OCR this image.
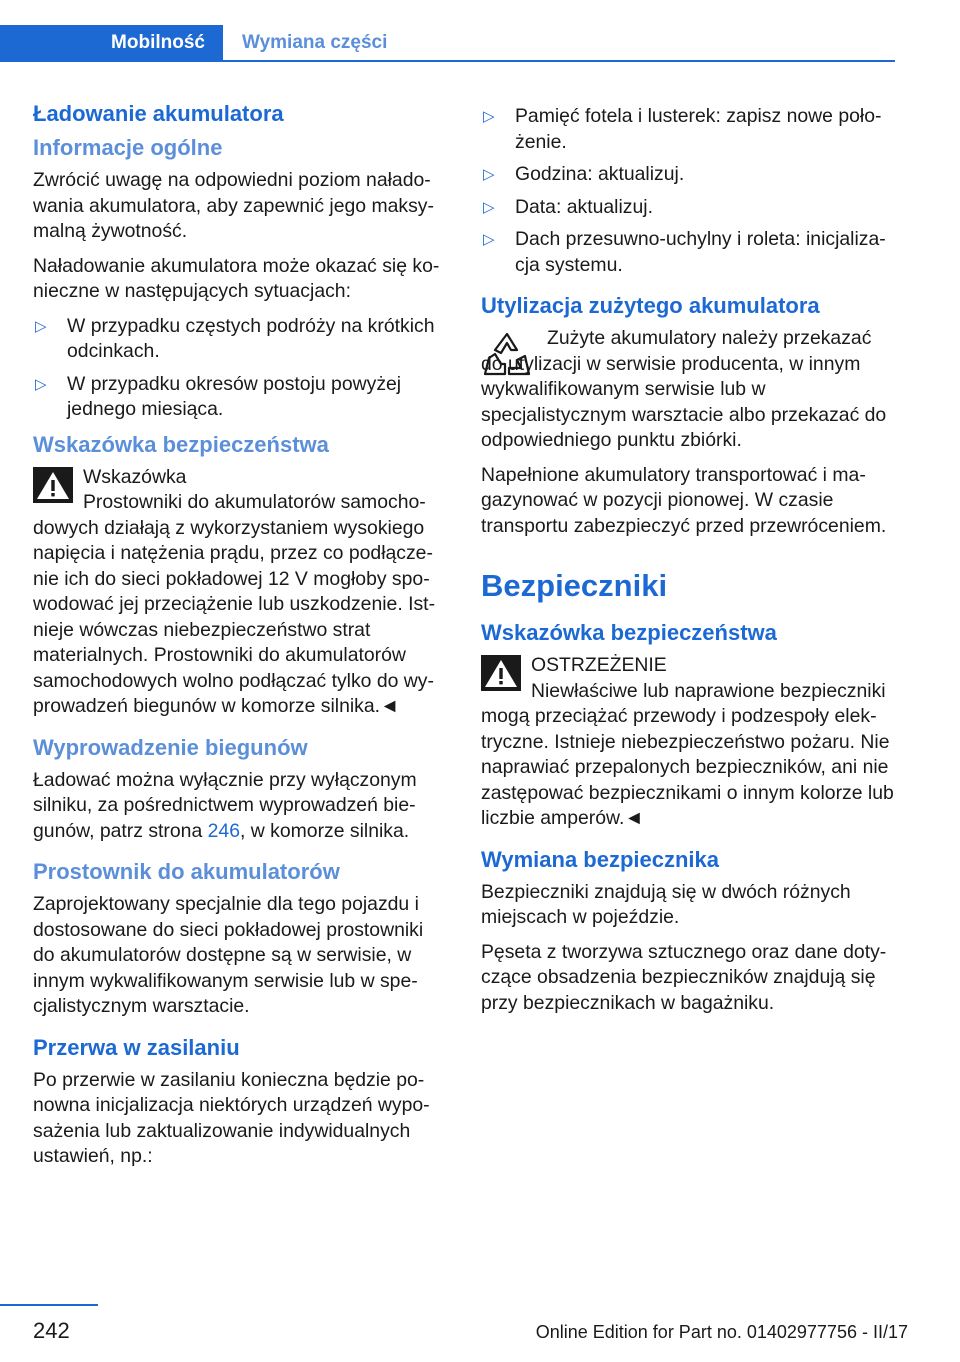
Mobilność	Wymiana części
Ładowanie akumulatora
Informacje ogólne

Zwrócić uwagę na odpowiedni poziom naładowania akumulatora, aby zapewnić jego maksymalną żywotność.

Naładowanie akumulatora może okazać się konieczne w następujących sytuacjach:

▷ W przypadku częstych podróży na krótkich odcinkach.
▷ W przypadku okresów postoju powyżej jednego miesiąca.
Wskazówka bezpieczeństwa
Wskazówka

Prostowniki do akumulatorów samochodowych działają z wykorzystaniem wysokiego napięcia i natężenia prądu, przez co podłączenie ich do sieci pokładowej 12 V mogłoby spowodować jej przeciążenie lub uszkodzenie. Istnieje wówczas niebezpieczeństwo strat materialnych. Prostowniki do akumulatorów samochodowych wolno podłączać tylko do wyprowadzeń biegunów w komorze silnika.◄

Wyprowadzenie biegunów

Ładować można wyłącznie przy wyłączonym silniku, za pośrednictwem wyprowadzeń biegunów, patrz strona 246, w komorze silnika.

Prostownik do akumulatorów

Zaprojektowany specjalnie dla tego pojazdu i dostosowane do sieci pokładowej prostowniki do akumulatorów dostępne są w serwisie, w innym wykwalifikowanym serwisie lub w specjalistycznym warsztacie.

Przerwa w zasilaniu

Po przerwie w zasilaniu konieczna będzie ponowna inicjalizacja niektórych urządzeń wyposażenia lub zaktualizowanie indywidualnych ustawień, np.:

▷ Pamięć fotela i lusterek: zapisz nowe położenie.
▷ Godzina: aktualizuj.
▷ Data: aktualizuj.
▷ Dach przesuwno-uchylny i roleta: inicjalizacja systemu.
Utylizacja zużytego akumulatora

Zużyte akumulatory należy przekazać do utylizacji w serwisie producenta, w innym wykwalifikowanym serwisie lub w specjalistycznym warsztacie albo przekazać do odpowiedniego punktu zbiórki.

Napełnione akumulatory transportować i magazynować w pozycji pionowej. W czasie transportu zabezpieczyć przed przewróceniem.

Bezpieczniki
Wskazówka bezpieczeństwa
OSTRZEŻENIE

Niewłaściwe lub naprawione bezpieczniki mogą przeciążać przewody i podzespoły elektryczne. Istnieje niebezpieczeństwo pożaru. Nie naprawiać przepalonych bezpieczników, ani nie zastępować bezpiecznikami o innym kolorze lub liczbie amperów.◄

Wymiana bezpiecznika

Bezpieczniki znajdują się w dwóch różnych miejscach w pojeździe.

Pęseta z tworzywa sztucznego oraz dane dotyczące obsadzenia bezpieczników znajdują się przy bezpiecznikach w bagażniku.

242	Online Edition for Part no. 01402977756 - II/17
